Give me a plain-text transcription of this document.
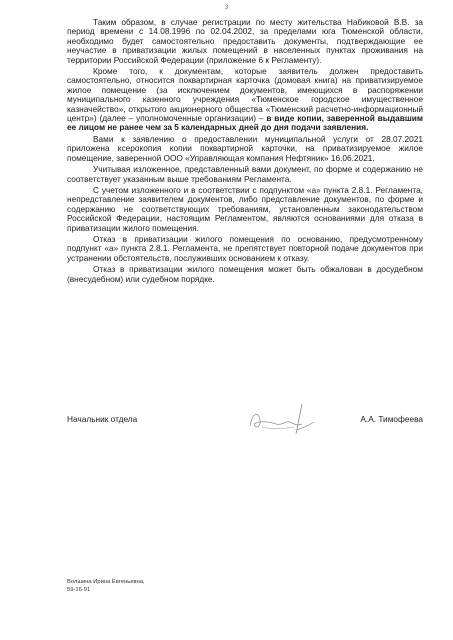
3

Таким образом, в случае регистрации по месту жительства Набиковой В.В. за период времени с 14.08.1996 по 02.04.2002, за пределами юга Тюменской области, необходимо будет самостоятельно предоставить документы, подтверждающие ее неучастие в приватизации жилых помещений в населенных пунктах проживания на территории Российской Федерации (приложение 6 к Регламенту).

Кроме того, к документам, которые заявитель должен предоставить самостоятельно, относится поквартирная карточка (домовая книга) на приватизируемое жилое помещение (за исключением документов, имеющихся в распоряжении муниципального казенного учреждения «Тюменское городское имущественное казначейство», открытого акционерного общества «Тюменский расчетно-информационный центр») (далее – уполномоченные организации) – в виде копии, заверенной выдавшим ее лицом не ранее чем за 5 календарных дней до дня подачи заявления.

Вами к заявлению о предоставлении муниципальной услуги от 28.07.2021 приложена ксерокопия копии поквартирной карточки, на приватизируемое жилое помещение, заверенной ООО «Управляющая компания Нефтяник» 16.06.2021.

Учитывая изложенное, представленный вами документ, по форме и содержанию не соответствует указанным выше требованиям Регламента.

С учетом изложенного и в соответствии с подпунктом «а» пункта 2.8.1. Регламента, непредставление заявителем документов, либо представление документов, по форме и содержанию не соответствующих требованиям, установленным законодательством Российской Федерации, настоящим Регламентом, являются основаниями для отказа в приватизации жилого помещения.

Отказ в приватизации жилого помещения по основанию, предусмотренному подпункт «а» пункта 2.8.1. Регламента, не препятствует повторной подаче документов при устранении обстоятельств, послуживших основанием к отказу.

Отказ в приватизации жилого помещения может быть обжалован в досудебном (внесудебном) или судебном порядке.

Начальник отдела	А.А. Тимофеева
Волшина Ирина Евгеньевна,
59-16-91
